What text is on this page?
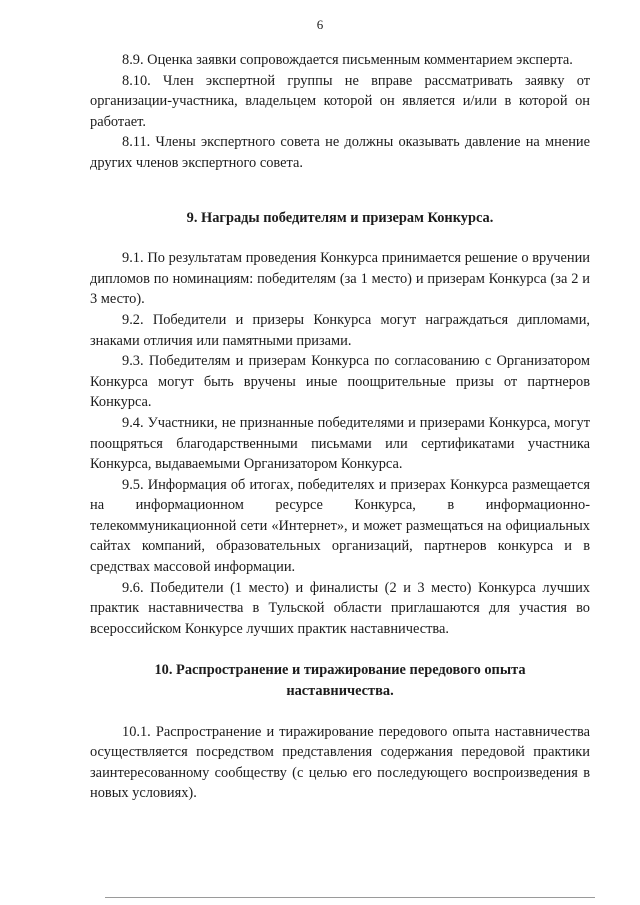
6

8.9. Оценка заявки сопровождается письменным комментарием эксперта.

8.10. Член экспертной группы не вправе рассматривать заявку от организации-участника, владельцем которой он является и/или в которой он работает.

8.11. Члены экспертного совета не должны оказывать давление на мнение других членов экспертного совета.

9. Награды победителям и призерам Конкурса.

9.1. По результатам проведения Конкурса принимается решение о вручении дипломов по номинациям: победителям (за 1 место) и призерам Конкурса (за 2 и 3 место).

9.2. Победители и призеры Конкурса могут награждаться дипломами, знаками отличия или памятными призами.

9.3. Победителям и призерам Конкурса по согласованию с Организатором Конкурса могут быть вручены иные поощрительные призы от партнеров Конкурса.

9.4. Участники, не признанные победителями и призерами Конкурса, могут поощряться благодарственными письмами или сертификатами участника Конкурса, выдаваемыми Организатором Конкурса.

9.5. Информация об итогах, победителях и призерах Конкурса размещается на информационном ресурсе Конкурса, в информационно-телекоммуникационной сети «Интернет», и может размещаться на официальных сайтах компаний, образовательных организаций, партнеров конкурса и в средствах массовой информации.

9.6. Победители (1 место) и финалисты (2 и 3 место) Конкурса лучших практик наставничества в Тульской области приглашаются для участия во всероссийском Конкурсе лучших практик наставничества.

10. Распространение и тиражирование передового опыта наставничества.

10.1. Распространение и тиражирование передового опыта наставничества осуществляется посредством представления содержания передовой практики заинтересованному сообществу (с целью его последующего воспроизведения в новых условиях).
